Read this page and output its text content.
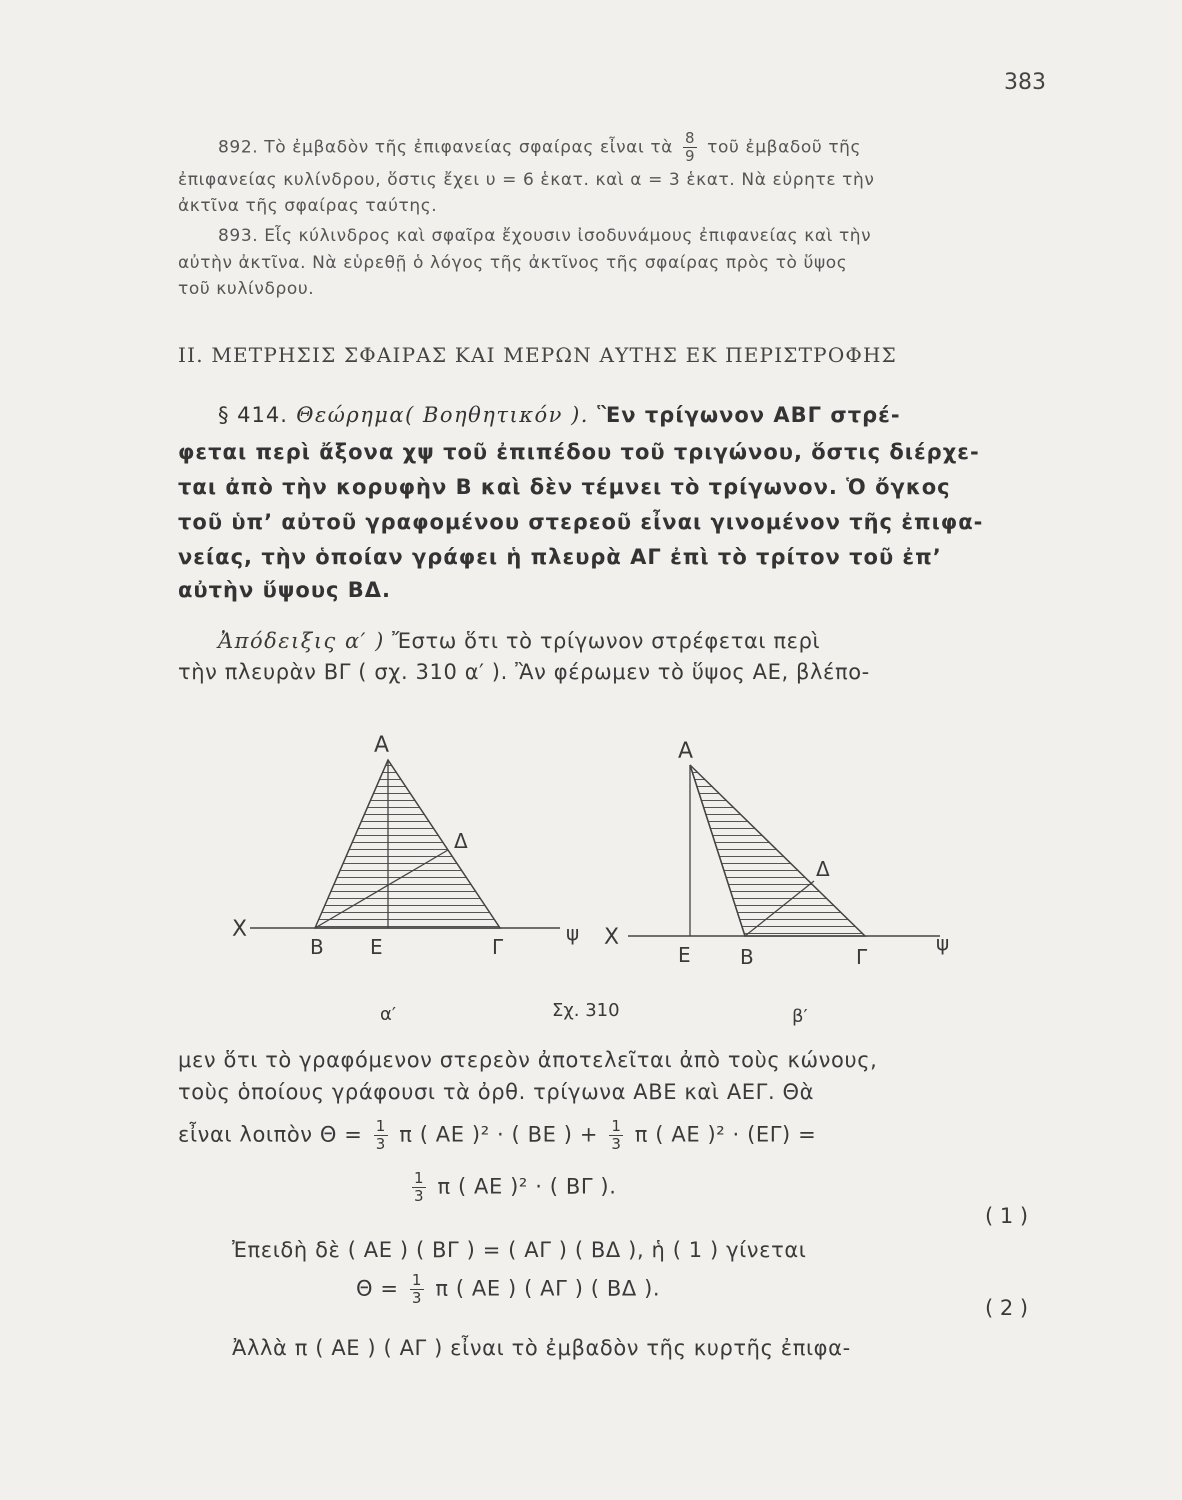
383
892. Τὸ ἐμβαδὸν τῆς ἐπιφανείας σφαίρας εἶναι τὰ $\frac{8}{9}$ τοῦ ἐμβαδοῦ τῆς
ἐπιφανείας κυλίνδρου, ὅστις ἔχει υ = 6 ἑκατ. καὶ α = 3 ἑκατ. Νὰ εὑρητε τὴν
ἀκτῖνα τῆς σφαίρας ταύτης.
893. Εἷς κύλινδρος καὶ σφαῖρα ἔχουσιν ἰσοδυνάμους ἐπιφανείας καὶ τὴν
αὐτὴν ἀκτῖνα. Νὰ εὑρεθῇ ὁ λόγος τῆς ἀκτῖνος τῆς σφαίρας πρὸς τὸ ὕψος
τοῦ κυλίνδρου.
II. ΜΕΤΡΗΣΙΣ ΣΦΑΙΡΑΣ ΚΑΙ ΜΕΡΩΝ ΑΥΤΗΣ ΕΚ ΠΕΡΙΣΤΡΟΦΗΣ
§ 414. Θεώρημα( Βοηθητικόν ). Ἓν τρίγωνον ΑΒΓ στρέ-
φεται περὶ ἄξονα χψ τοῦ ἐπιπέδου τοῦ τριγώνου, ὅστις διέρχε-
ται ἀπὸ τὴν κορυφὴν Β καὶ δὲν τέμνει τὸ τρίγωνον. Ὁ ὄγκος
τοῦ ὑπ’ αὐτοῦ γραφομένου στερεοῦ εἶναι γινομένον τῆς ἐπιφα-
νείας, τὴν ὁποίαν γράφει ἡ πλευρὰ ΑΓ ἐπὶ τὸ τρίτον τοῦ ἐπ’
αὐτὴν ὕψους ΒΔ.
Ἀπόδειξις α′ ) Ἔστω ὅτι τὸ τρίγωνον στρέφεται περὶ
τὴν πλευρὰν ΒΓ ( σχ. 310 α′ ). Ἂν φέρωμεν τὸ ὕψος ΑΕ, βλέπο-
Α
Δ
Χ
Β Ε	Γ
ψ
α′	Σχ. 310
Α
Δ
Χ
Ε Β	Γ
ψ
β′
μεν ὅτι τὸ γραφόμενον στερεὸν ἀποτελεῖται ἀπὸ τοὺς κώνους,
τοὺς ὁποίους γράφουσι τὰ ὀρθ. τρίγωνα ΑΒΕ καὶ ΑΕΓ. Θὰ
εἶναι λοιπὸν $\Theta = \frac{1}{3}$ π ( ΑΕ )² · ( ΒΕ ) + $\frac{1}{3}$ π ( ΑΕ )² · (ΕΓ) =
$\frac{1}{3}$ π ( ΑΕ )² · ( ΒΓ ).
( 1 )
Ἐπειδὴ δὲ ( ΑΕ ) ( ΒΓ ) = ( ΑΓ ) ( ΒΔ ), ἡ ( 1 ) γίνεται
$\Theta = \frac{1}{3}$ π ( ΑΕ ) ( ΑΓ ) ( ΒΔ ).
( 2 )
Ἀλλὰ π ( ΑΕ ) ( ΑΓ ) εἶναι τὸ ἐμβαδὸν τῆς κυρτῆς ἐπιφα-
